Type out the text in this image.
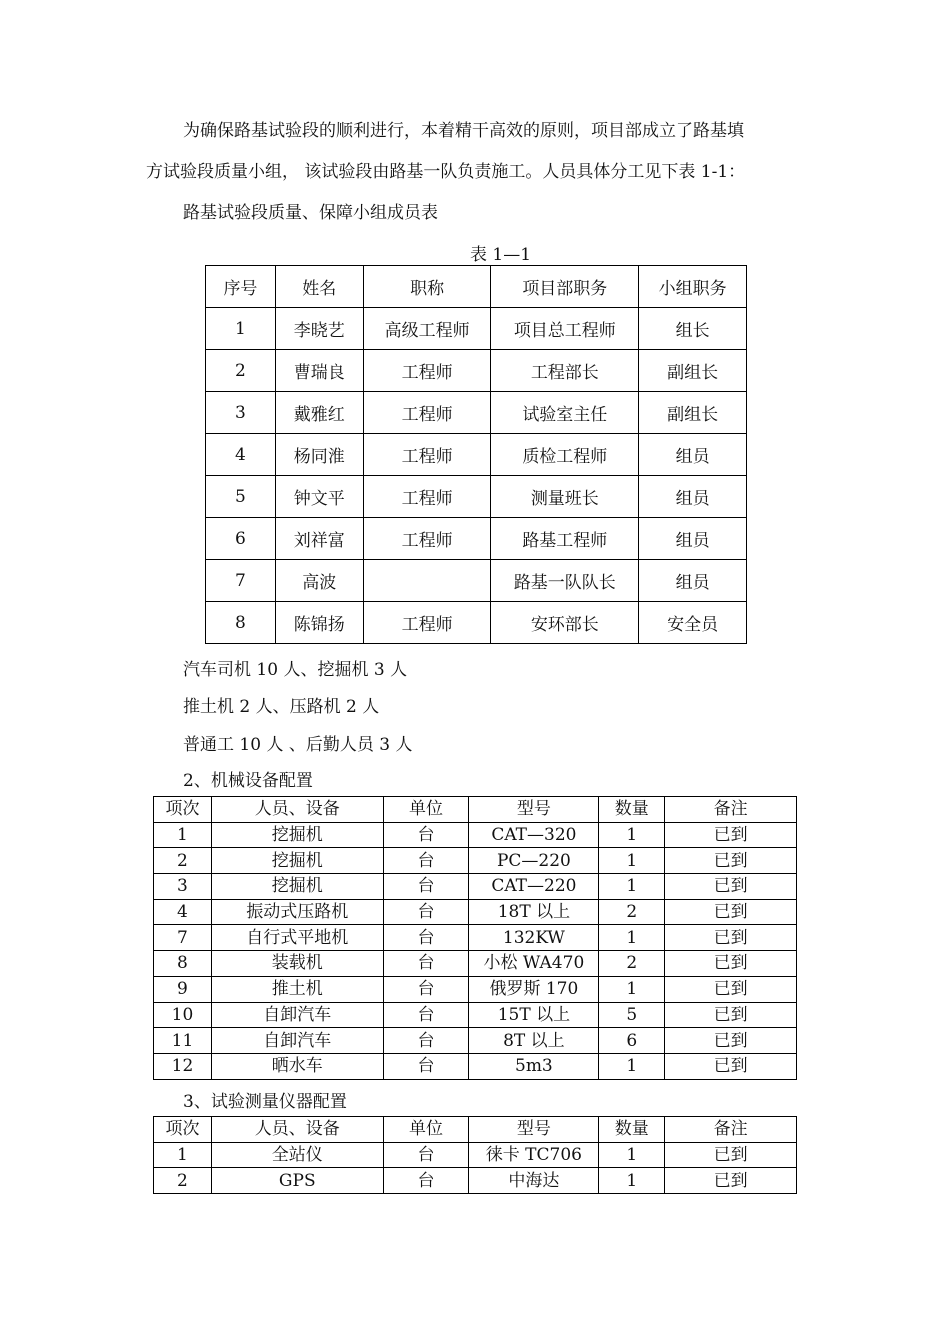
为确保路基试验段的顺利进行，本着精干高效的原则，项目部成立了路基填
方试验段质量小组， 该试验段由路基一队负责施工。人员具体分工见下表 1-1：
路基试验段质量、保障小组成员表
表 1—1
序号	姓名	职称	项目部职务	小组职务
1	李晓艺	高级工程师	项目总工程师	组长
2	曹瑞良	工程师	工程部长	副组长
3	戴雅红	工程师	试验室主任	副组长
4	杨同淮	工程师	质检工程师	组员
5	钟文平	工程师	测量班长	组员
6	刘祥富	工程师	路基工程师	组员
7	高波		路基一队队长	组员
8	陈锦扬	工程师	安环部长	安全员
汽车司机 10 人、挖掘机 3 人
推土机 2 人、压路机 2 人
普通工 10 人 、后勤人员 3 人
2、机械设备配置
项次	人员、设备	单位	型号	数量	备注
1	挖掘机	台	CAT—320	1	已到
2	挖掘机	台	PC—220	1	已到
3	挖掘机	台	CAT—220	1	已到
4	振动式压路机	台	18T 以上	2	已到
7	自行式平地机	台	132KW	1	已到
8	装载机	台	小松 WA470	2	已到
9	推土机	台	俄罗斯 170	1	已到
10	自卸汽车	台	15T 以上	5	已到
11	自卸汽车	台	8T 以上	6	已到
12	晒水车	台	5m3	1	已到
3、试验测量仪器配置
项次	人员、设备	单位	型号	数量	备注
1	全站仪	台	徕卡 TC706	1	已到
2	GPS	台	中海达	1	已到
